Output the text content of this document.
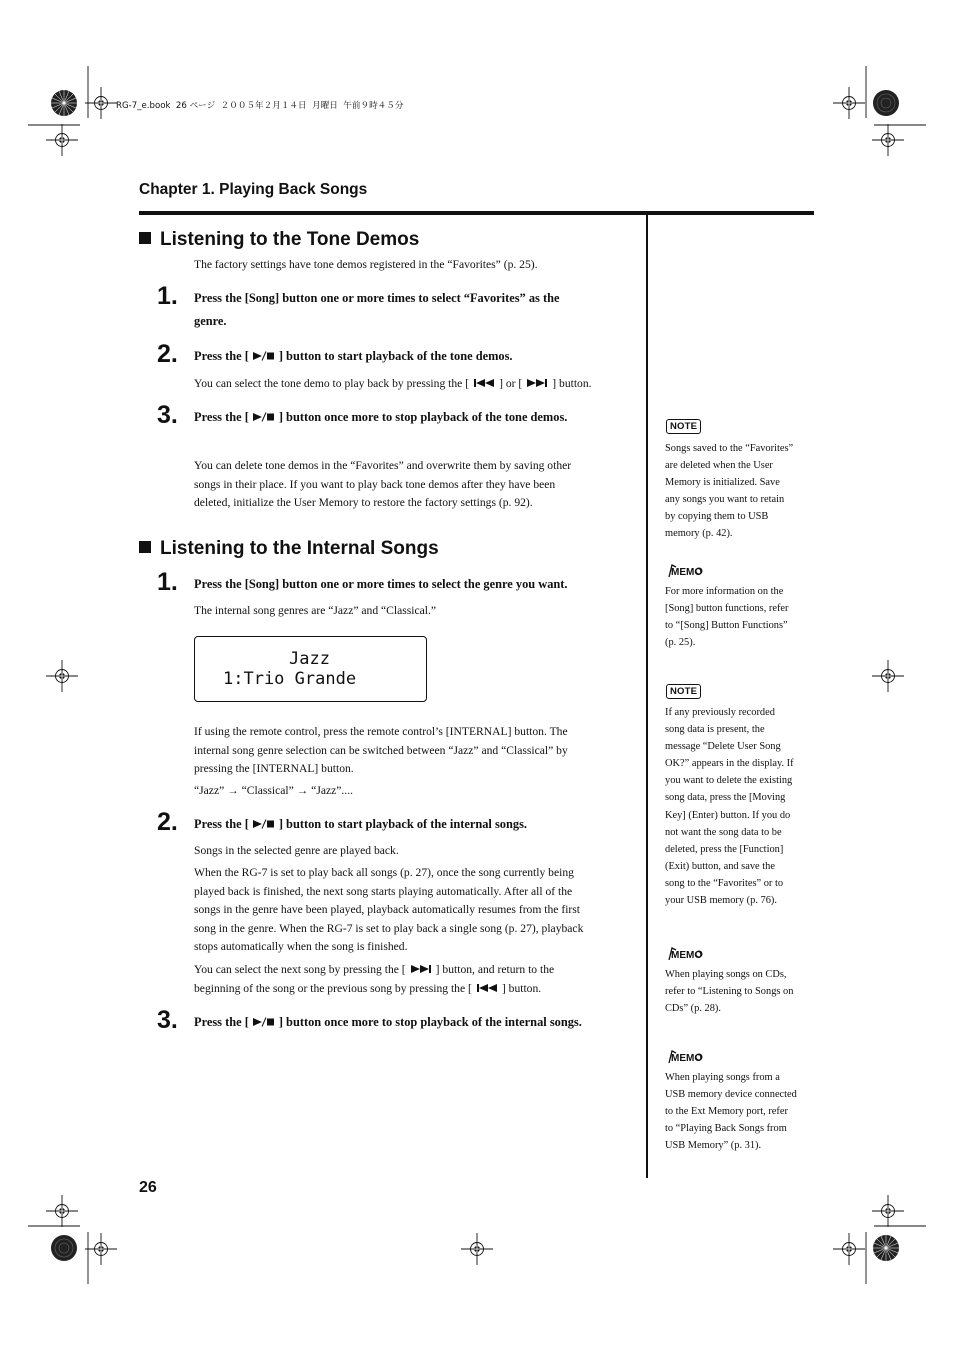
RG-7_e.book  26 ページ  ２００５年２月１４日  月曜日  午前９時４５分
Chapter 1. Playing Back Songs
Listening to the Tone Demos
The factory settings have tone demos registered in the “Favorites” (p. 25).
1. Press the [Song] button one or more times to select “Favorites” as the
genre.
2. Press the [ ] button to start playback of the tone demos.
You can select the tone demo to play back by pressing the [	] or [	] button.
3. Press the [ ] button once more to stop playback of the tone demos.
You can delete tone demos in the “Favorites” and overwrite them by saving other
songs in their place. If you want to play back tone demos after they have been
deleted, initialize the User Memory to restore the factory settings (p. 92).
Listening to the Internal Songs
1. Press the [Song] button one or more times to select the genre you want.
The internal song genres are “Jazz” and “Classical.”
Jazz
1:Trio Grande
If using the remote control, press the remote control’s [INTERNAL] button. The
internal song genre selection can be switched between “Jazz” and “Classical” by
pressing the [INTERNAL] button.
“Jazz” → “Classical” → “Jazz”....
2. Press the [ ] button to start playback of the internal songs.
Songs in the selected genre are played back.
When the RG-7 is set to play back all songs (p. 27), once the song currently being
played back is finished, the next song starts playing automatically. After all of the
songs in the genre have been played, playback automatically resumes from the first
song in the genre. When the RG-7 is set to play back a single song (p. 27), playback
stops automatically when the song is finished.
You can select the next song by pressing the [	] button, and return to the
beginning of the song or the previous song by pressing the [	] button.
3. Press the [ ] button once more to stop playback of the internal songs.
NOTE
Songs saved to the “Favorites”
are deleted when the User
Memory is initialized. Save
any songs you want to retain
by copying them to USB
memory (p. 42).
MEMO
For more information on the
[Song] button functions, refer
to “[Song] Button Functions”
(p. 25).
NOTE
If any previously recorded
song data is present, the
message “Delete User Song
OK?” appears in the display. If
you want to delete the existing
song data, press the [Moving
Key] (Enter) button. If you do
not want the song data to be
deleted, press the [Function]
(Exit) button, and save the
song to the “Favorites” or to
your USB memory (p. 76).
MEMO
When playing songs on CDs,
refer to “Listening to Songs on
CDs” (p. 28).
MEMO
When playing songs from a
USB memory device connected
to the Ext Memory port, refer
to “Playing Back Songs from
USB Memory” (p. 31).
26
